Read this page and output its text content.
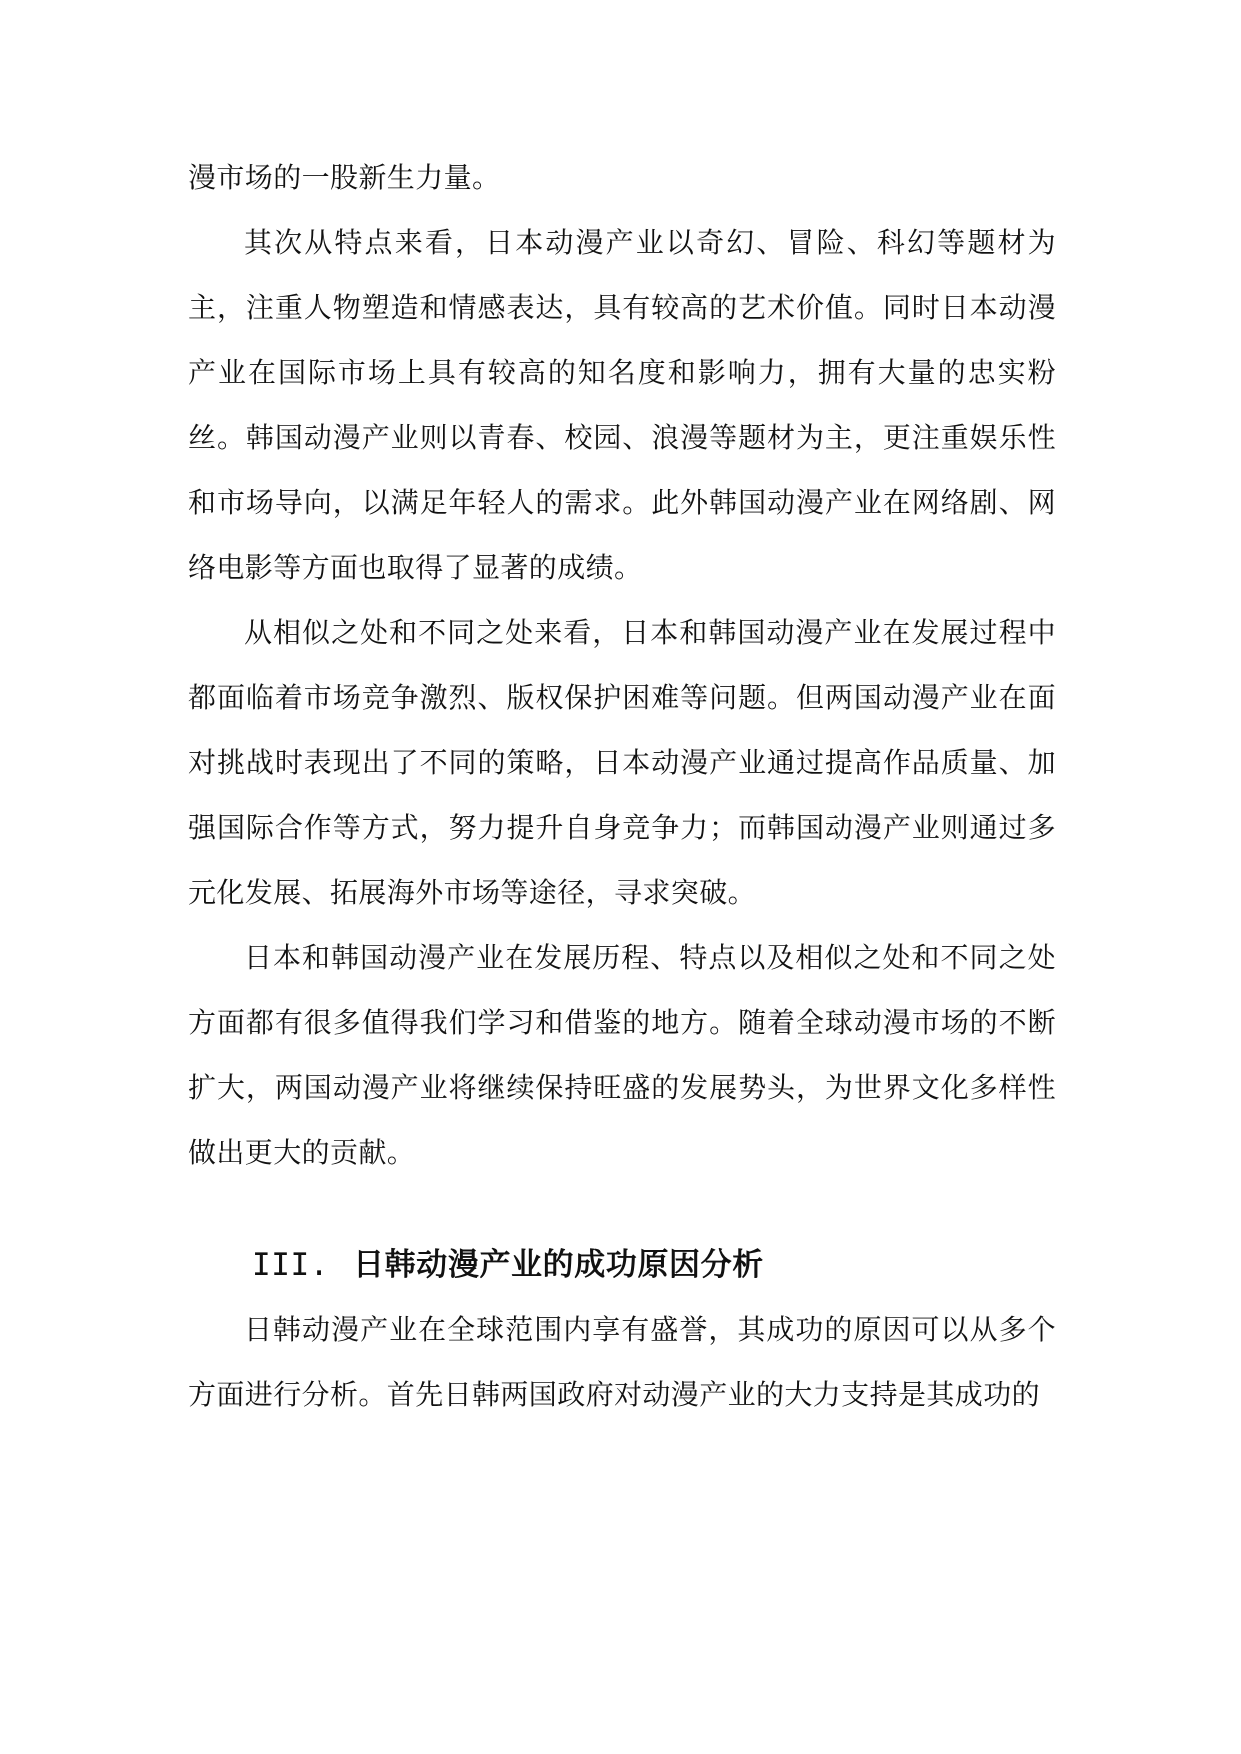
漫市场的一股新生力量。

其次从特点来看，日本动漫产业以奇幻、冒险、科幻等题材为主，注重人物塑造和情感表达，具有较高的艺术价值。同时日本动漫产业在国际市场上具有较高的知名度和影响力，拥有大量的忠实粉丝。韩国动漫产业则以青春、校园、浪漫等题材为主，更注重娱乐性和市场导向，以满足年轻人的需求。此外韩国动漫产业在网络剧、网络电影等方面也取得了显著的成绩。

从相似之处和不同之处来看，日本和韩国动漫产业在发展过程中都面临着市场竞争激烈、版权保护困难等问题。但两国动漫产业在面对挑战时表现出了不同的策略，日本动漫产业通过提高作品质量、加强国际合作等方式，努力提升自身竞争力；而韩国动漫产业则通过多元化发展、拓展海外市场等途径，寻求突破。

日本和韩国动漫产业在发展历程、特点以及相似之处和不同之处方面都有很多值得我们学习和借鉴的地方。随着全球动漫市场的不断扩大，两国动漫产业将继续保持旺盛的发展势头，为世界文化多样性做出更大的贡献。

III. 日韩动漫产业的成功原因分析

日韩动漫产业在全球范围内享有盛誉，其成功的原因可以从多个方面进行分析。首先日韩两国政府对动漫产业的大力支持是其成功的
